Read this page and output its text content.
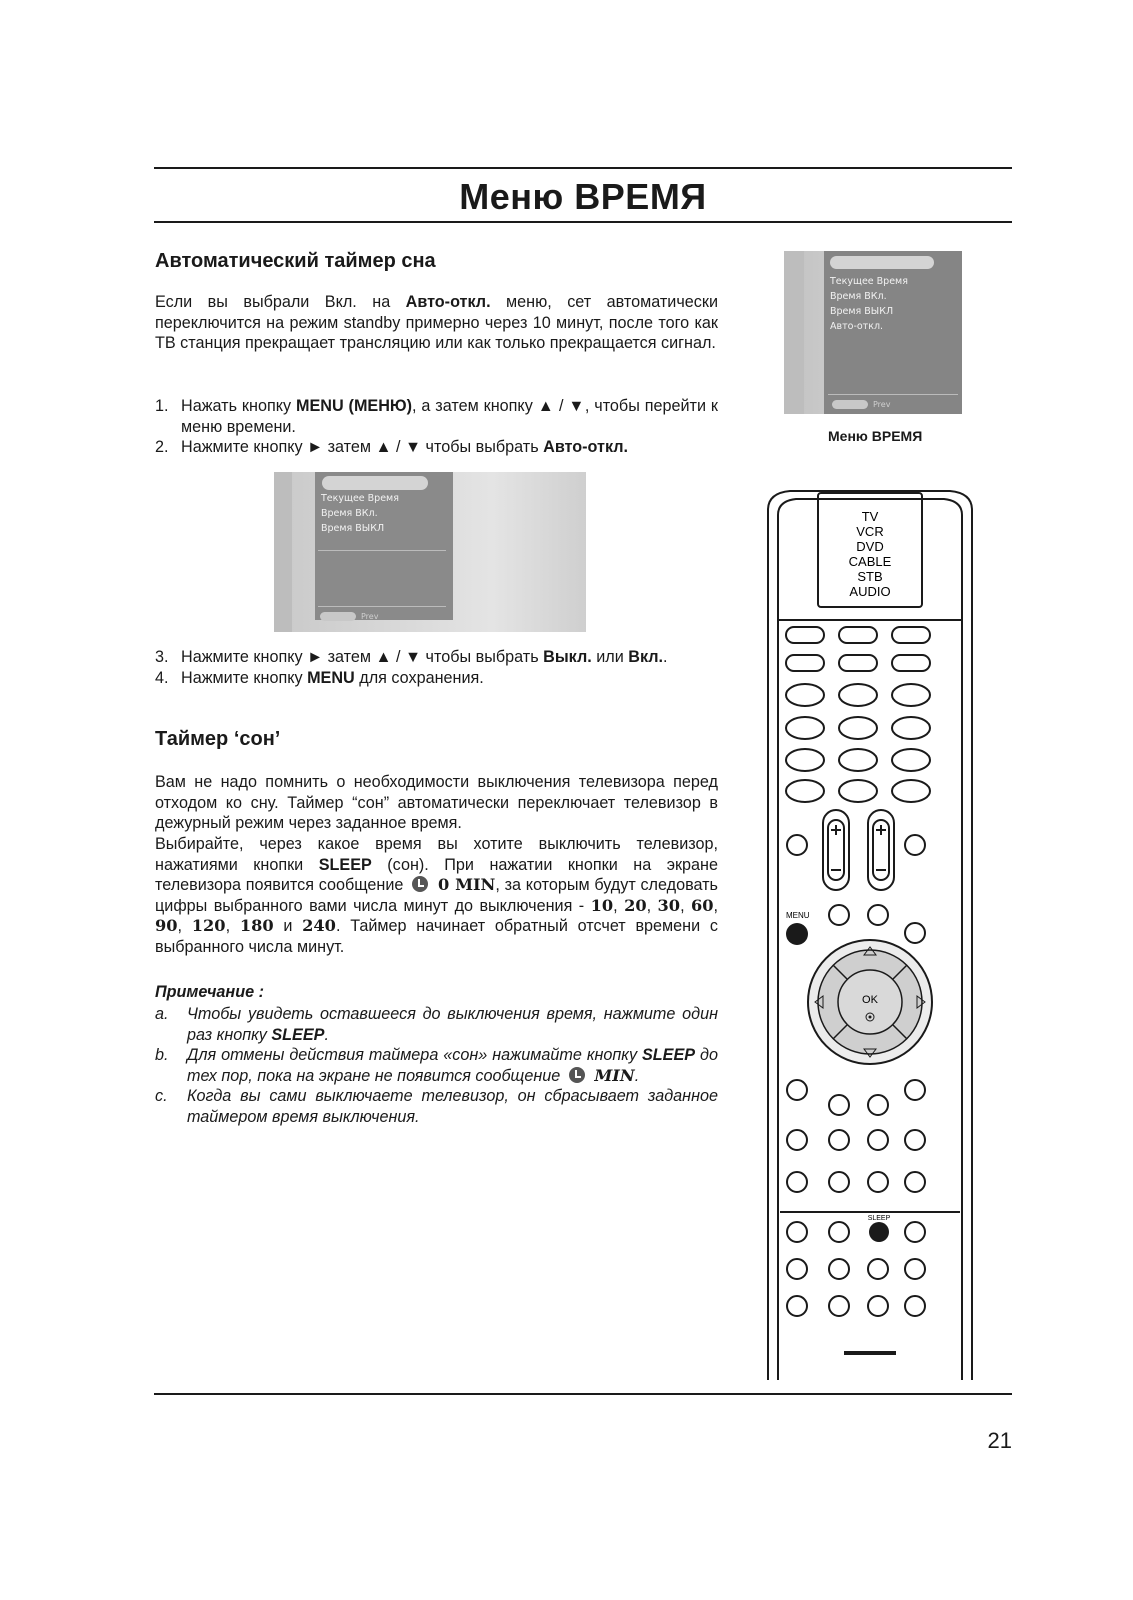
Меню ВРЕМЯ
Автоматический таймер сна
Если вы выбрали Вкл. на Авто-откл. меню, сет автоматически переключится на режим standby примерно через 10 минут, после того как ТВ станция прекращает трансляцию или как только прекращается сигнал.
1. Нажать кнопку MENU (МЕНЮ), а затем кнопку ▲ / ▼, чтобы перейти к меню времени.
2. Нажмите кнопку ► затем ▲ / ▼ чтобы выбрать Авто-откл.
Текущее Время
Время ВКл.
Время ВЫКЛ
Prev
3. Нажмите кнопку ► затем ▲ / ▼ чтобы выбрать Выкл. или Вкл..
4. Нажмите кнопку MENU для сохранения.
Таймер ‘сон’
Вам не надо помнить о необходимости выключения телевизора перед отходом ко сну. Таймер “сон” автоматически переключает телевизор в дежурный режим через заданное время.
Выбирайте, через какое время вы хотите выключить телевизор, нажатиями кнопки SLEEP (сон). При нажатии кнопки на экране телевизора появится сообщение  0 MIN, за которым будут следовать цифры выбранного вами числа минут до выключения - 10, 20, 30, 60, 90, 120, 180 и 240. Таймер начинает обратный отсчет времени с выбранного числа минут.
Примечание :
a.	Чтобы увидеть оставшееся до выключения время, нажмите один раз кнопку SLEEP.
b.	Для отмены действия таймера «сон» нажимайте кнопку SLEEP до тех пор, пока на экране не появится сообщение  MIN.
c.	Когда вы сами выключаете телевизор, он сбрасывает заданное таймером время выключения.
Текущее Время
Время ВКл.
Время ВЫКЛ
Авто-откл.
Prev
Меню ВРЕМЯ
TV
VCR
DVD
CABLE
STB
AUDIO
MENU
OK
SLEEP
21
